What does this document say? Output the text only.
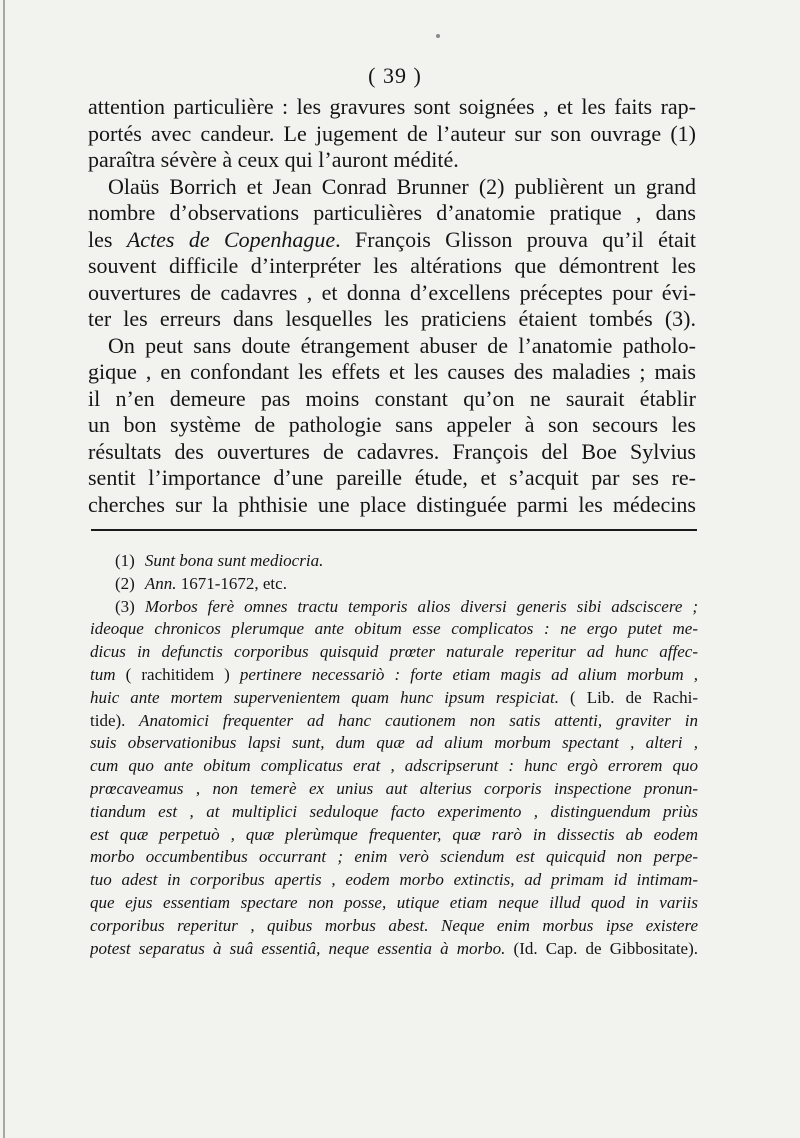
( 39 )
attention particulière : les gravures sont soignées , et les faits rap-
portés avec candeur. Le jugement de l’auteur sur son ouvrage (1)
paraîtra sévère à ceux qui l’auront médité.
Olaüs Borrich et Jean Conrad Brunner (2) publièrent un grand
nombre d’observations particulières d’anatomie pratique , dans
les Actes de Copenhague. François Glisson prouva qu’il était
souvent difficile d’interpréter les altérations que démontrent les
ouvertures de cadavres , et donna d’excellens préceptes pour évi-
ter les erreurs dans lesquelles les praticiens étaient tombés (3).
On peut sans doute étrangement abuser de l’anatomie patholo-
gique , en confondant les effets et les causes des maladies ; mais
il n’en demeure pas moins constant qu’on ne saurait établir
un bon système de pathologie sans appeler à son secours les
résultats des ouvertures de cadavres. François del Boe Sylvius
sentit l’importance d’une pareille étude, et s’acquit par ses re-
cherches sur la phthisie une place distinguée parmi les médecins
(1) Sunt bona sunt mediocria.
(2) Ann. 1671-1672, etc.
(3) Morbos ferè omnes tractu temporis alios diversi generis sibi adsciscere ;
ideoque chronicos plerumque ante obitum esse complicatos : ne ergo putet me-
dicus in defunctis corporibus quisquid prœter naturale reperitur ad hunc affec-
tum ( rachitidem ) pertinere necessariò : forte etiam magis ad alium morbum ,
huic ante mortem supervenientem quam hunc ipsum respiciat. ( Lib. de Rachi-
tide). Anatomici frequenter ad hanc cautionem non satis attenti, graviter in
suis observationibus lapsi sunt, dum quæ ad alium morbum spectant , alteri ,
cum quo ante obitum complicatus erat , adscripserunt : hunc ergò errorem quo
prœcaveamus , non temerè ex unius aut alterius corporis inspectione pronun-
tiandum est , at multiplici seduloque facto experimento , distinguendum priùs
est quæ perpetuò , quæ plerùmque frequenter, quæ rarò in dissectis ab eodem
morbo occumbentibus occurrant ; enim verò sciendum est quicquid non perpe-
tuo adest in corporibus apertis , eodem morbo extinctis, ad primam id intimam-
que ejus essentiam spectare non posse, utique etiam neque illud quod in variis
corporibus reperitur , quibus morbus abest. Neque enim morbus ipse existere
potest separatus à suâ essentiâ, neque essentia à morbo. (Id. Cap. de Gibbositate).
